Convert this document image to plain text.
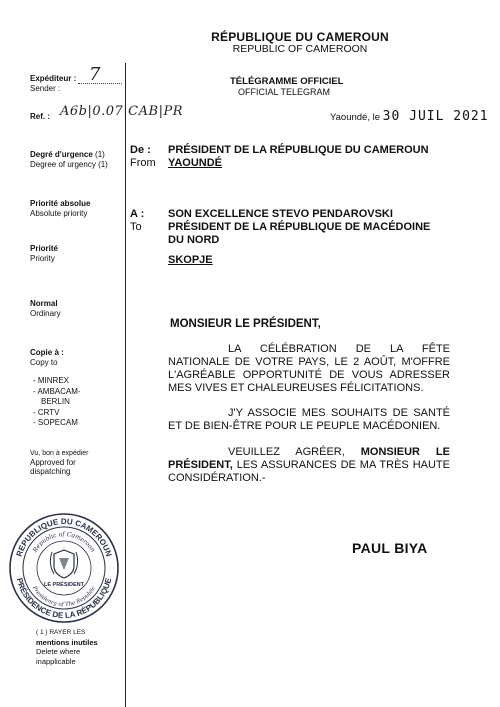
RÉPUBLIQUE DU CAMEROUN
REPUBLIC OF CAMEROON
Expéditeur :
Sender :
7
Ref. : A6b|0.07|CAB|PR
Degré d'urgence (1)
Degree of urgency (1)
Priorité absolue
Absolute priority
Priorité
Priority
Normal
Ordinary
Copie à :
Copy to
- MINREX
- AMBACAM-
BERLIN
- CRTV
- SOPECAM
Vu, bon à expédier
Approved for
dispatching
REPUBLIQUE DU CAMEROUN
PRÉSIDENCE DE LA RÉPUBLIQUE
Republic of Cameroon
Presidency of The Republic
LE PRÉSIDENT
( 1 ) RAYER LES
mentions inutiles
Delete where
inapplicable
TÉLÉGRAMME OFFICIEL
OFFICIAL TELEGRAM
Yaoundé, le 30 JUIL 2021
De :
From
PRÉSIDENT DE LA RÉPUBLIQUE DU CAMEROUN
YAOUNDÉ
A :
To
SON EXCELLENCE STEVO PENDAROVSKI
PRÉSIDENT DE LA RÉPUBLIQUE DE MACÉDOINE
DU NORD
SKOPJE
MONSIEUR LE PRÉSIDENT,
LA CÉLÉBRATION DE LA FÊTE NATIONALE DE VOTRE PAYS, LE 2 AOÛT, M'OFFRE L'AGRÉABLE OPPORTUNITÉ DE VOUS ADRESSER MES VIVES ET CHALEUREUSES FÉLICITATIONS.
J'Y ASSOCIE MES SOUHAITS DE SANTÉ ET DE BIEN-ÊTRE POUR LE PEUPLE MACÉDONIEN.
VEUILLEZ AGRÉER, MONSIEUR LE PRÉSIDENT, LES ASSURANCES DE MA TRÈS HAUTE CONSIDÉRATION.-
PAUL BIYA
